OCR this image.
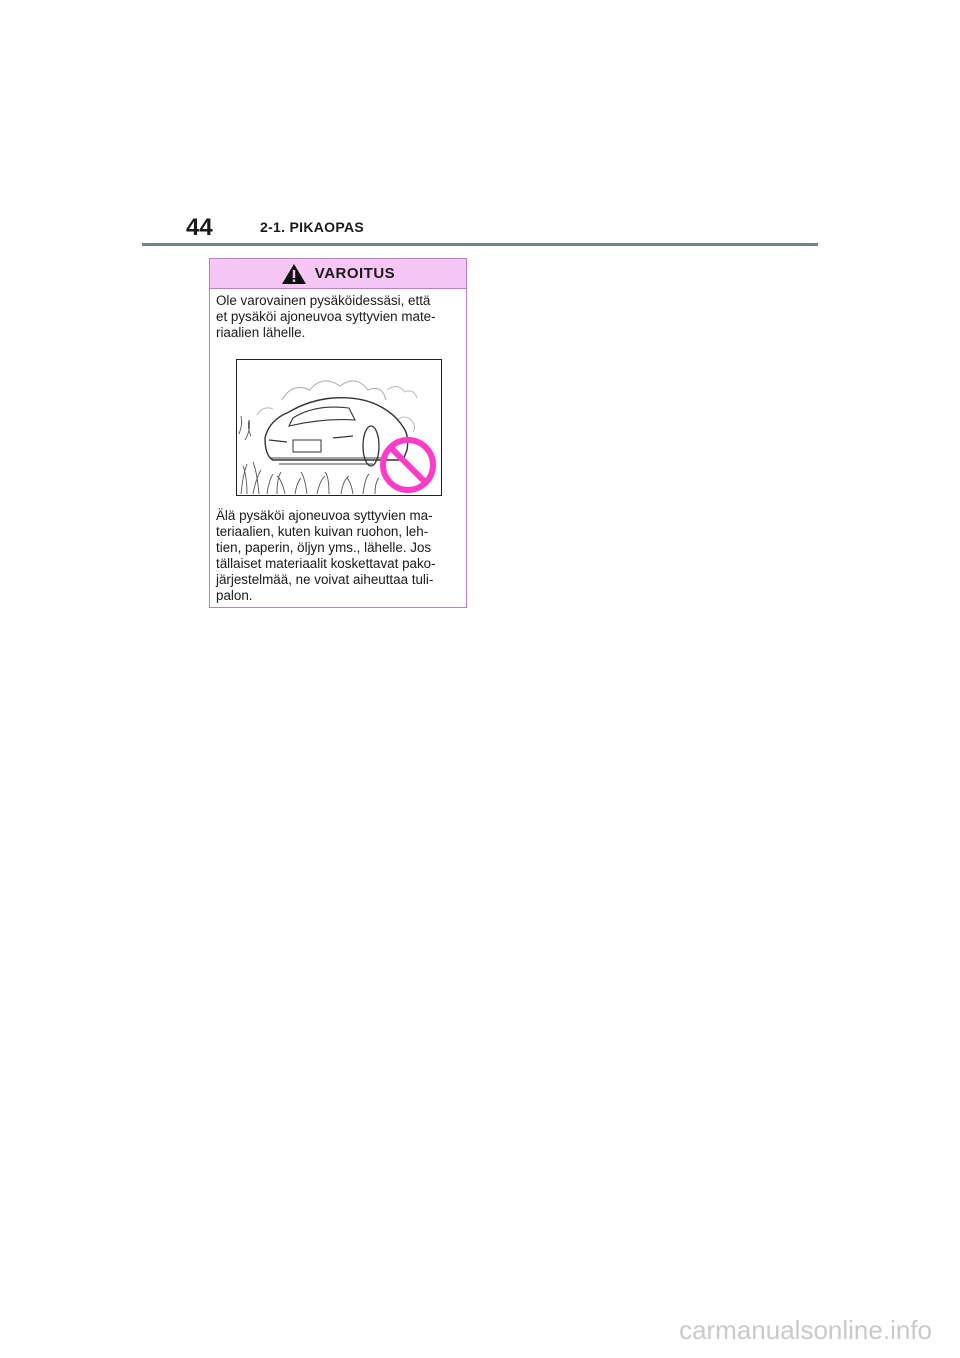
44	2-1. PIKAOPAS
VAROITUS
Ole varovainen pysäköidessäsi, että
et pysäköi ajoneuvoa syttyvien mate-
riaalien lähelle.
Älä pysäköi ajoneuvoa syttyvien ma-
teriaalien, kuten kuivan ruohon, leh-
tien, paperin, öljyn yms., lähelle. Jos
tällaiset materiaalit koskettavat pako-
järjestelmää, ne voivat aiheuttaa tuli-
palon.
carmanualsonline.info
